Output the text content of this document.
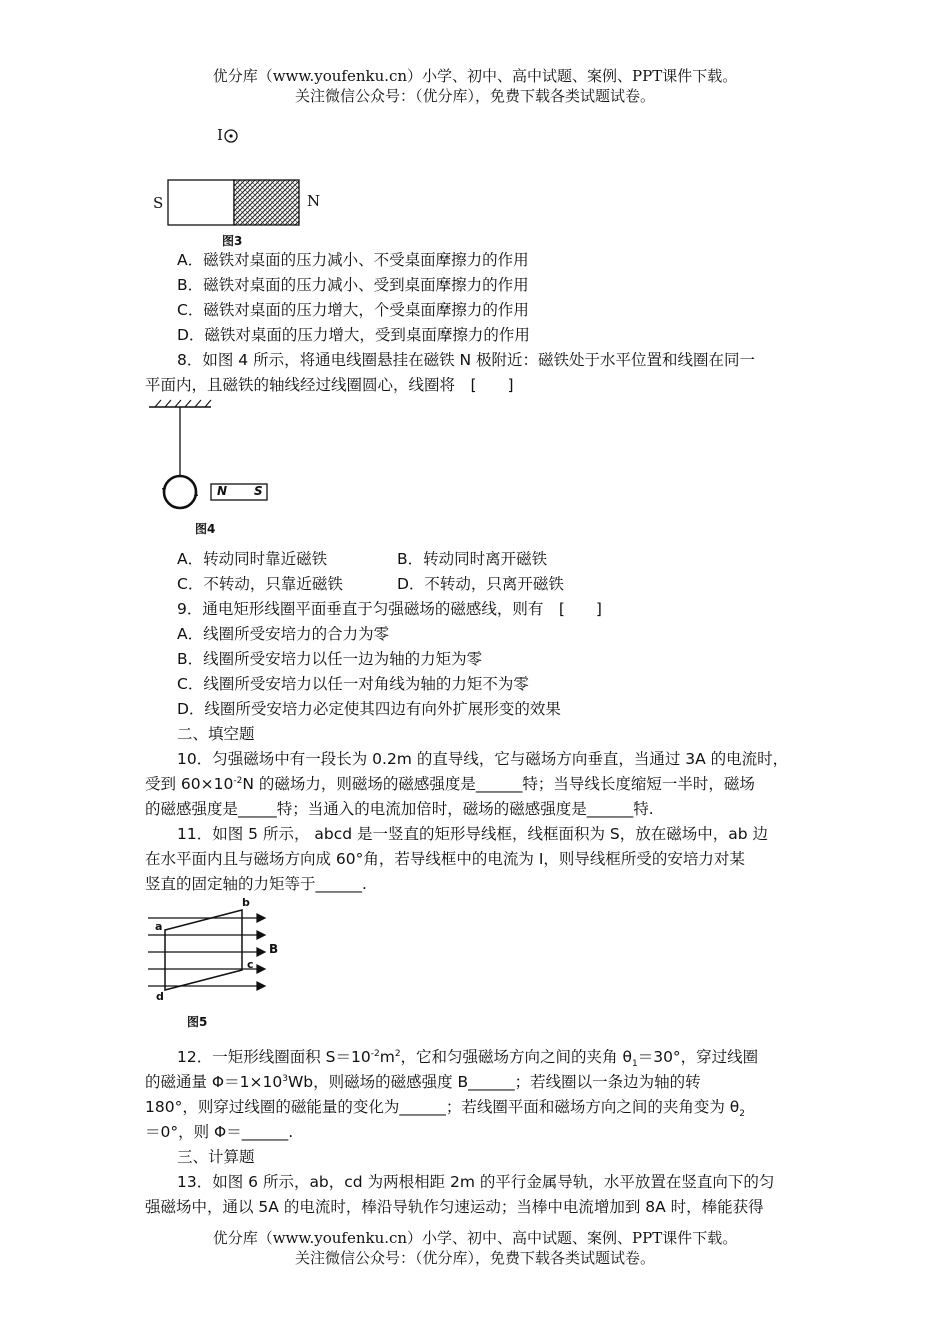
优分库（www.youfenku.cn）小学、初中、高中试题、案例、PPT课件下载。
关注微信公众号：（优分库），免费下载各类试题试卷。
I
S	N
图3
A．磁铁对桌面的压力减小、不受桌面摩擦力的作用
B．磁铁对桌面的压力减小、受到桌面摩擦力的作用
C．磁铁对桌面的压力增大，个受桌面摩擦力的作用
D．磁铁对桌面的压力增大，受到桌面摩擦力的作用
8．如图 4 所示，将通电线圈悬挂在磁铁 N 极附近：磁铁处于水平位置和线圈在同一
平面内，且磁铁的轴线经过线圈圆心，线圈将　[　　]
N S
图4
A．转动同时靠近磁铁	B．转动同时离开磁铁
C．不转动，只靠近磁铁	D．不转动，只离开磁铁
9．通电矩形线圈平面垂直于匀强磁场的磁感线，则有　[　　]
A．线圈所受安培力的合力为零
B．线圈所受安培力以任一边为轴的力矩为零
C．线圈所受安培力以任一对角线为轴的力矩不为零
D．线圈所受安培力必定使其四边有向外扩展形变的效果
二、填空题
10．匀强磁场中有一段长为 0.2m 的直导线，它与磁场方向垂直，当通过 3A 的电流时，
受到 $60\times 10^{-2}N$ 的磁场力，则磁场的磁感强度是______特；当导线长度缩短一半时，磁场
的磁感强度是_____特；当通入的电流加倍时，磁场的磁感强度是______特.
11．如图 5 所示， abcd 是一竖直的矩形导线框，线框面积为 S，放在磁场中，ab 边
在水平面内且与磁场方向成 60°角，若导线框中的电流为 I，则导线框所受的安培力对某
竖直的固定轴的力矩等于______.
a
b
c
d
B
图5
12．一矩形线圈面积 $S=10^{-2}m^2$，它和匀强磁场方向之间的夹角 $\theta_1=30^\circ$，穿过线圈
的磁通量 $\Phi=1\times 10^3Wb$，则磁场的磁感强度 B______；若线圈以一条边为轴的转
180°，则穿过线圈的磁能量的变化为______；若线圈平面和磁场方向之间的夹角变为 $\theta_2$
＝0°，则 Φ＝______.
三、计算题
13．如图 6 所示，ab，cd 为两根相距 2m 的平行金属导轨，水平放置在竖直向下的匀
强磁场中，通以 5A 的电流时，棒沿导轨作匀速运动；当棒中电流增加到 8A 时，棒能获得
优分库（www.youfenku.cn）小学、初中、高中试题、案例、PPT课件下载。
关注微信公众号：（优分库），免费下载各类试题试卷。
